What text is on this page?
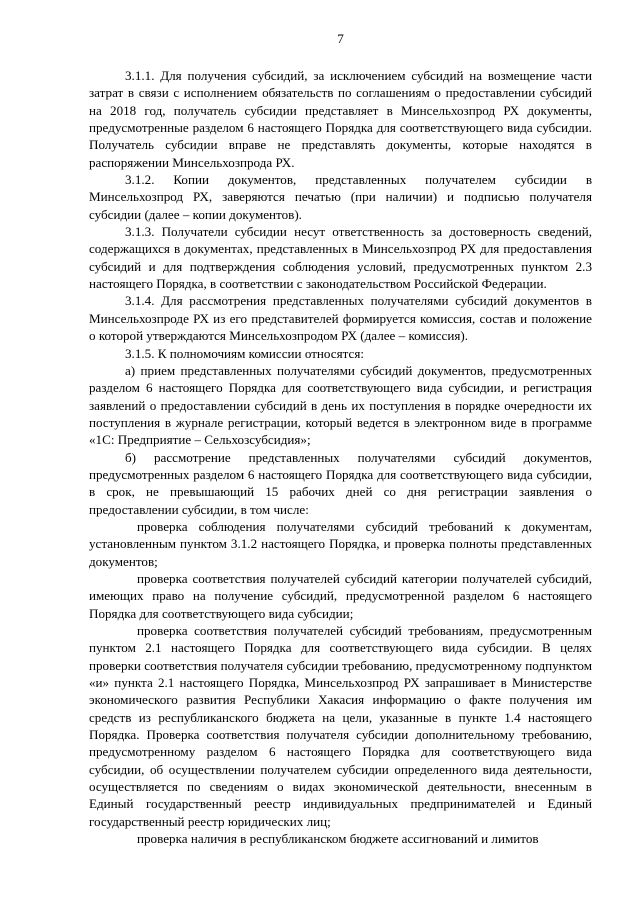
7

3.1.1. Для получения субсидий, за исключением субсидий на возмещение части затрат в связи с исполнением обязательств по соглашениям о предоставлении субсидий на 2018 год, получатель субсидии представляет в Минсельхозпрод РХ документы, предусмотренные разделом 6 настоящего Порядка для соответствующего вида субсидии. Получатель субсидии вправе не представлять документы, которые находятся в распоряжении Минсельхозпрода РХ.

3.1.2. Копии документов, представленных получателем субсидии в Минсельхозпрод РХ, заверяются печатью (при наличии) и подписью получателя субсидии (далее – копии документов).

3.1.3. Получатели субсидии несут ответственность за достоверность сведений, содержащихся в документах, представленных в Минсельхозпрод РХ для предоставления субсидий и для подтверждения соблюдения условий, предусмотренных пунктом 2.3 настоящего Порядка, в соответствии с законодательством Российской Федерации.

3.1.4. Для рассмотрения представленных получателями субсидий документов в Минсельхозпроде РХ из его представителей формируется комиссия, состав и положение о которой утверждаются Минсельхозпродом РХ (далее – комиссия).

3.1.5. К полномочиям комиссии относятся:

а) прием представленных получателями субсидий документов, предусмотренных разделом 6 настоящего Порядка для соответствующего вида субсидии, и регистрация заявлений о предоставлении субсидий в день их поступления в порядке очередности их поступления в журнале регистрации, который ведется в электронном виде в программе «1С: Предприятие – Сельхозсубсидия»;

б) рассмотрение представленных получателями субсидий документов, предусмотренных разделом 6 настоящего Порядка для соответствующего вида субсидии, в срок, не превышающий 15 рабочих дней со дня регистрации заявления о предоставлении субсидии, в том числе:

проверка соблюдения получателями субсидий требований к документам, установленным пунктом 3.1.2 настоящего Порядка, и проверка полноты представленных документов;

проверка соответствия получателей субсидий категории получателей субсидий, имеющих право на получение субсидий, предусмотренной разделом 6 настоящего Порядка для соответствующего вида субсидии;

проверка соответствия получателей субсидий требованиям, предусмотренным пунктом 2.1 настоящего Порядка для соответствующего вида субсидии. В целях проверки соответствия получателя субсидии требованию, предусмотренному подпунктом «и» пункта 2.1 настоящего Порядка, Минсельхозпрод РХ запрашивает в Министерстве экономического развития Республики Хакасия информацию о факте получения им средств из республиканского бюджета на цели, указанные в пункте 1.4 настоящего Порядка. Проверка соответствия получателя субсидии дополнительному требованию, предусмотренному разделом 6 настоящего Порядка для соответствующего вида субсидии, об осуществлении получателем субсидии определенного вида деятельности, осуществляется по сведениям о видах экономической деятельности, внесенным в Единый государственный реестр индивидуальных предпринимателей и Единый государственный реестр юридических лиц;

проверка наличия в республиканском бюджете ассигнований и лимитов
